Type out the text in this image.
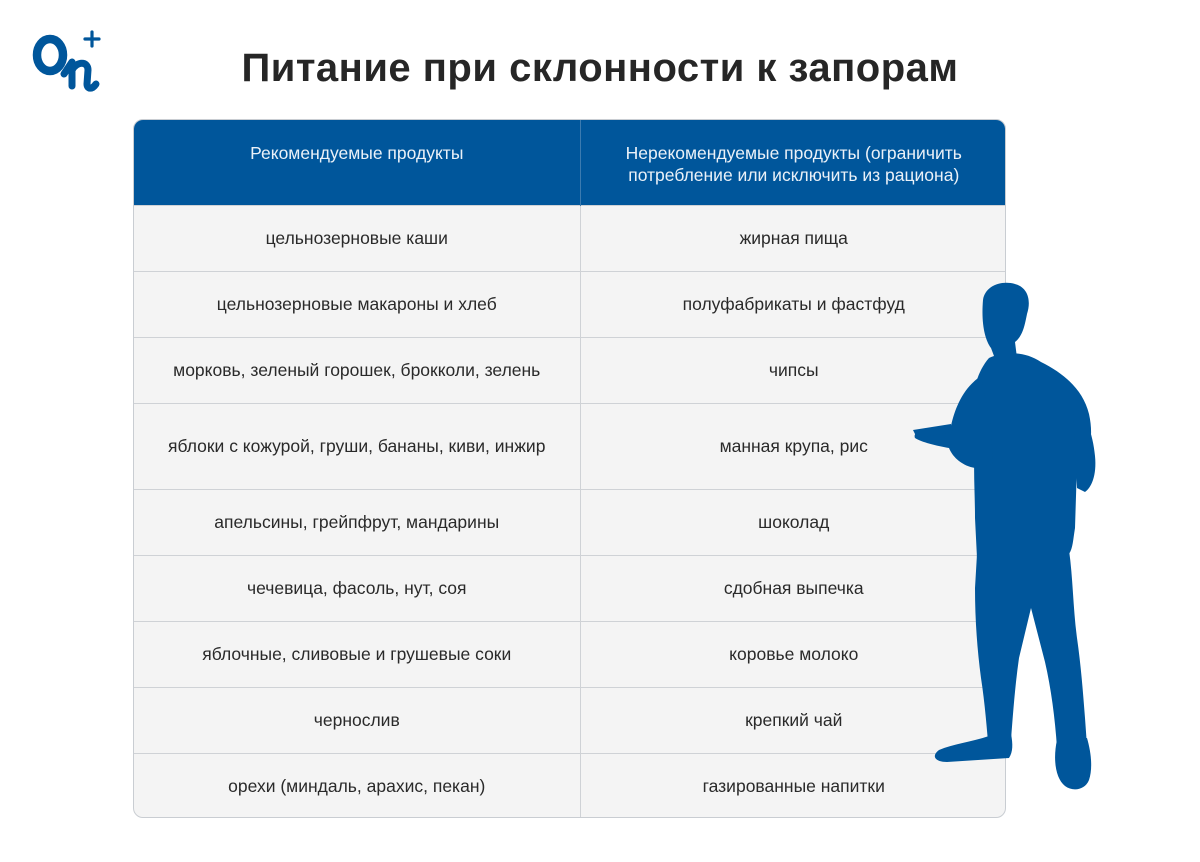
Питание при склонности к запорам
Рекомендуемые продукты	Нерекомендуемые продукты (ограничить потребление или исключить из рациона)
цельнозерновые каши	жирная пища
цельнозерновые макароны и хлеб	полуфабрикаты и фастфуд
морковь, зеленый горошек, брокколи, зелень	чипсы
яблоки с кожурой, груши, бананы, киви, инжир	манная крупа, рис
апельсины, грейпфрут, мандарины	шоколад
чечевица, фасоль, нут, соя	сдобная выпечка
яблочные, сливовые и грушевые соки	коровье молоко
чернослив	крепкий чай
орехи (миндаль, арахис, пекан)	газированные напитки
